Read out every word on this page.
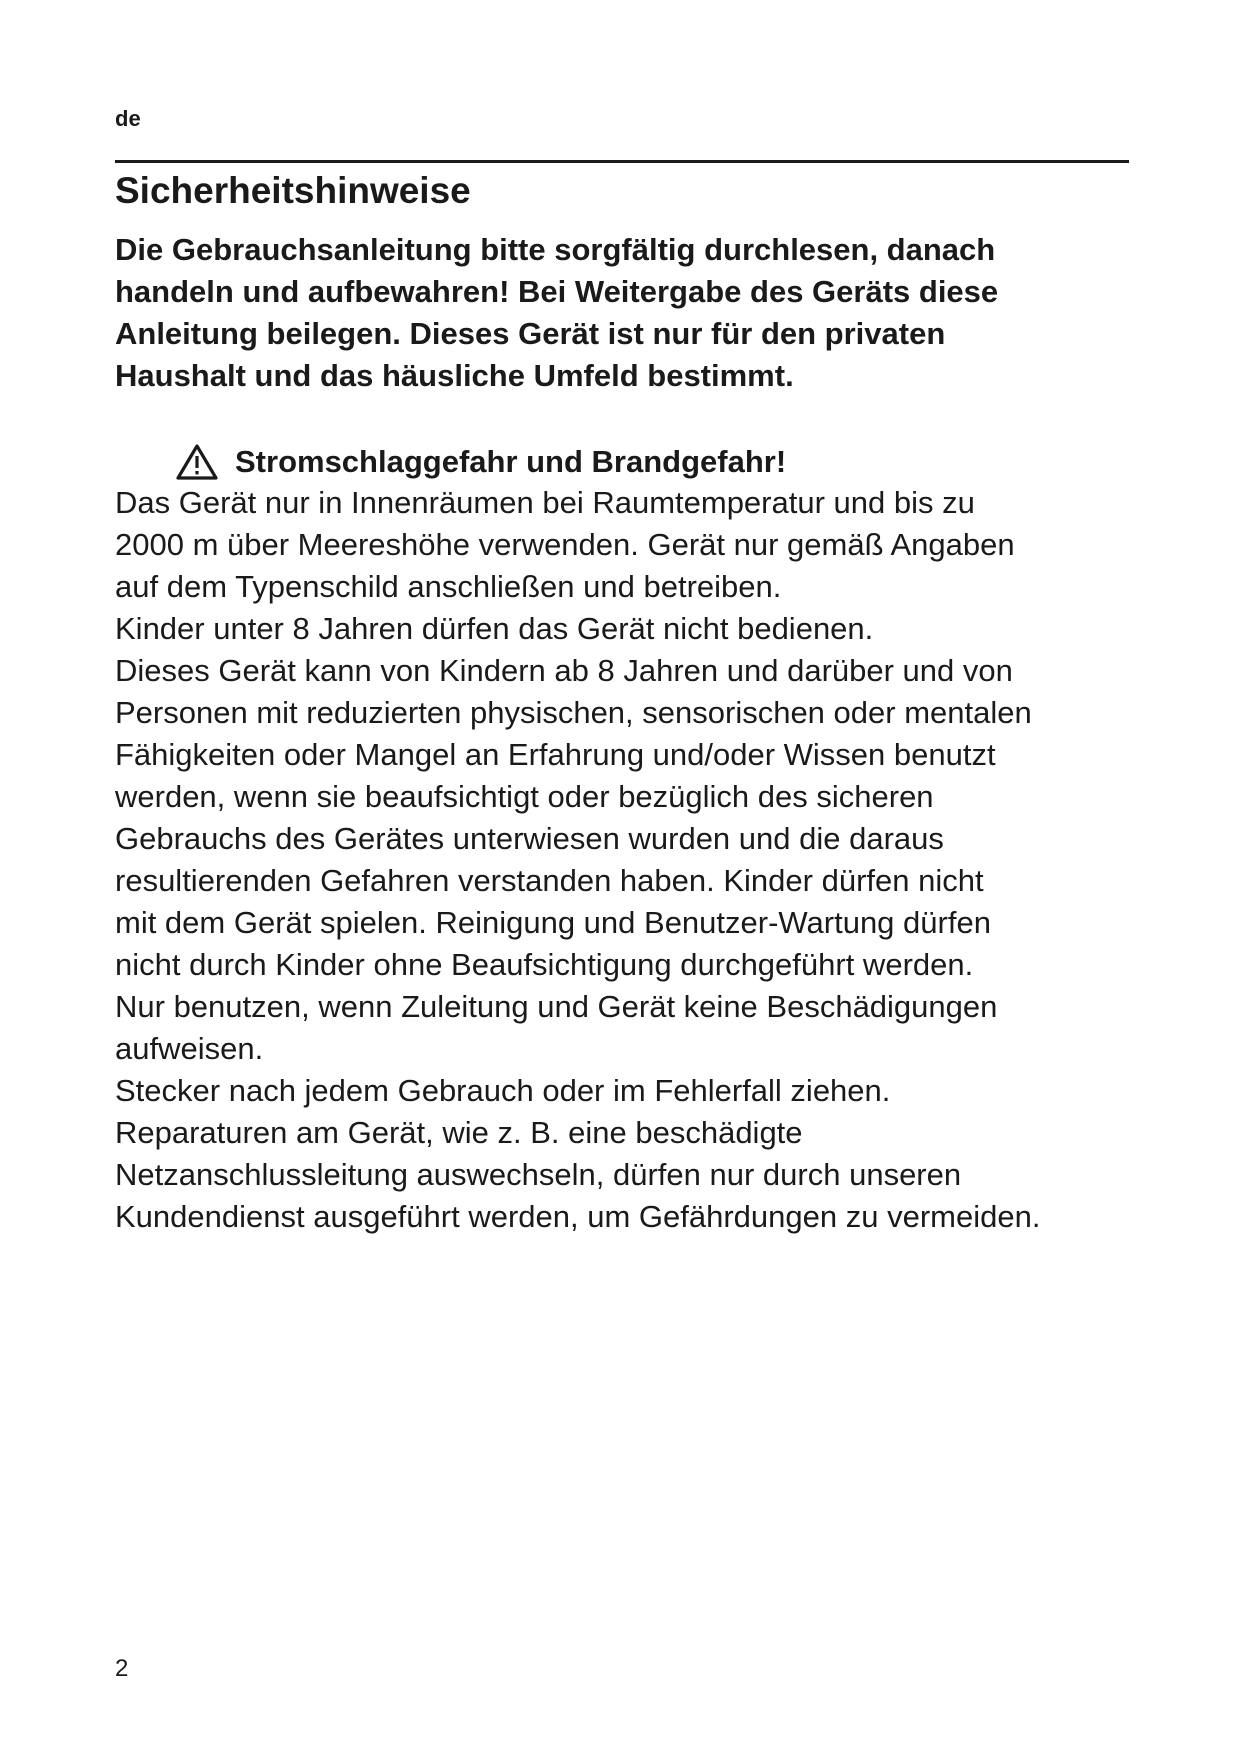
de
Sicherheitshinweise

Die Gebrauchsanleitung bitte sorgfältig durchlesen, danach
handeln und aufbewahren! Bei Weitergabe des Geräts diese
Anleitung beilegen. Dieses Gerät ist nur für den privaten
Haushalt und das häusliche Umfeld bestimmt.

Stromschlaggefahr und Brandgefahr!

Das Gerät nur in Innenräumen bei Raumtemperatur und bis zu
2000 m über Meereshöhe verwenden. Gerät nur gemäß Angaben
auf dem Typenschild anschließen und betreiben.
Kinder unter 8 Jahren dürfen das Gerät nicht bedienen.
Dieses Gerät kann von Kindern ab 8 Jahren und darüber und von
Personen mit reduzierten physischen, sensorischen oder mentalen
Fähigkeiten oder Mangel an Erfahrung und/oder Wissen benutzt
werden, wenn sie beaufsichtigt oder bezüglich des sicheren
Gebrauchs des Gerätes unterwiesen wurden und die daraus
resultierenden Gefahren verstanden haben. Kinder dürfen nicht
mit dem Gerät spielen. Reinigung und Benutzer-Wartung dürfen
nicht durch Kinder ohne Beaufsichtigung durchgeführt werden.
Nur benutzen, wenn Zuleitung und Gerät keine Beschädigungen
aufweisen.
Stecker nach jedem Gebrauch oder im Fehlerfall ziehen.
Reparaturen am Gerät, wie z. B. eine beschädigte
Netzanschlussleitung auswechseln, dürfen nur durch unseren
Kundendienst ausgeführt werden, um Gefährdungen zu vermeiden.

2
